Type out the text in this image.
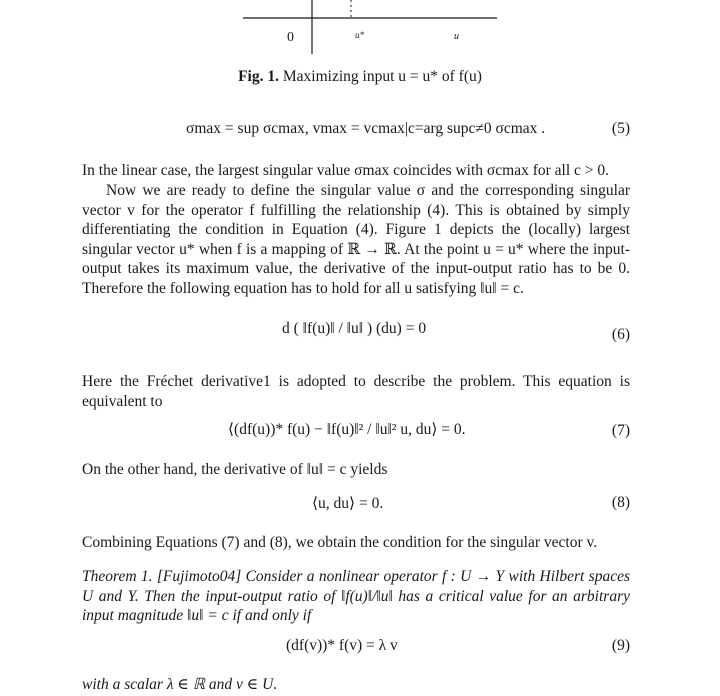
0	u*	u
Fig. 1. Maximizing input u = u* of f(u)
σmax = sup σcmax, vmax = vcmax|c=arg supc≠0 σcmax .	(5)

In the linear case, the largest singular value σmax coincides with σcmax for all c > 0.

Now we are ready to define the singular value σ and the corresponding singular vector v for the operator f fulfilling the relationship (4). This is obtained by simply differentiating the condition in Equation (4). Figure 1 depicts the (locally) largest singular vector u* when f is a mapping of ℝ → ℝ. At the point u = u* where the input-output takes its maximum value, the derivative of the input-output ratio has to be 0. Therefore the following equation has to hold for all u satisfying ‖u‖ = c.

d ( ‖f(u)‖ / ‖u‖ ) (du) = 0	(6)

Here the Fréchet derivative1 is adopted to describe the problem. This equation is equivalent to

⟨(df(u))* f(u) − ‖f(u)‖² / ‖u‖² u, du⟩ = 0.	(7)

On the other hand, the derivative of ‖u‖ = c yields

⟨u, du⟩ = 0.	(8)

Combining Equations (7) and (8), we obtain the condition for the singular vector v.

Theorem 1. [Fujimoto04] Consider a nonlinear operator f : U → Y with Hilbert spaces U and Y. Then the input-output ratio of ‖f(u)‖/‖u‖ has a critical value for an arbitrary input magnitude ‖u‖ = c if and only if

(df(v))* f(v) = λ v	(9)

with a scalar λ ∈ ℝ and v ∈ U.
